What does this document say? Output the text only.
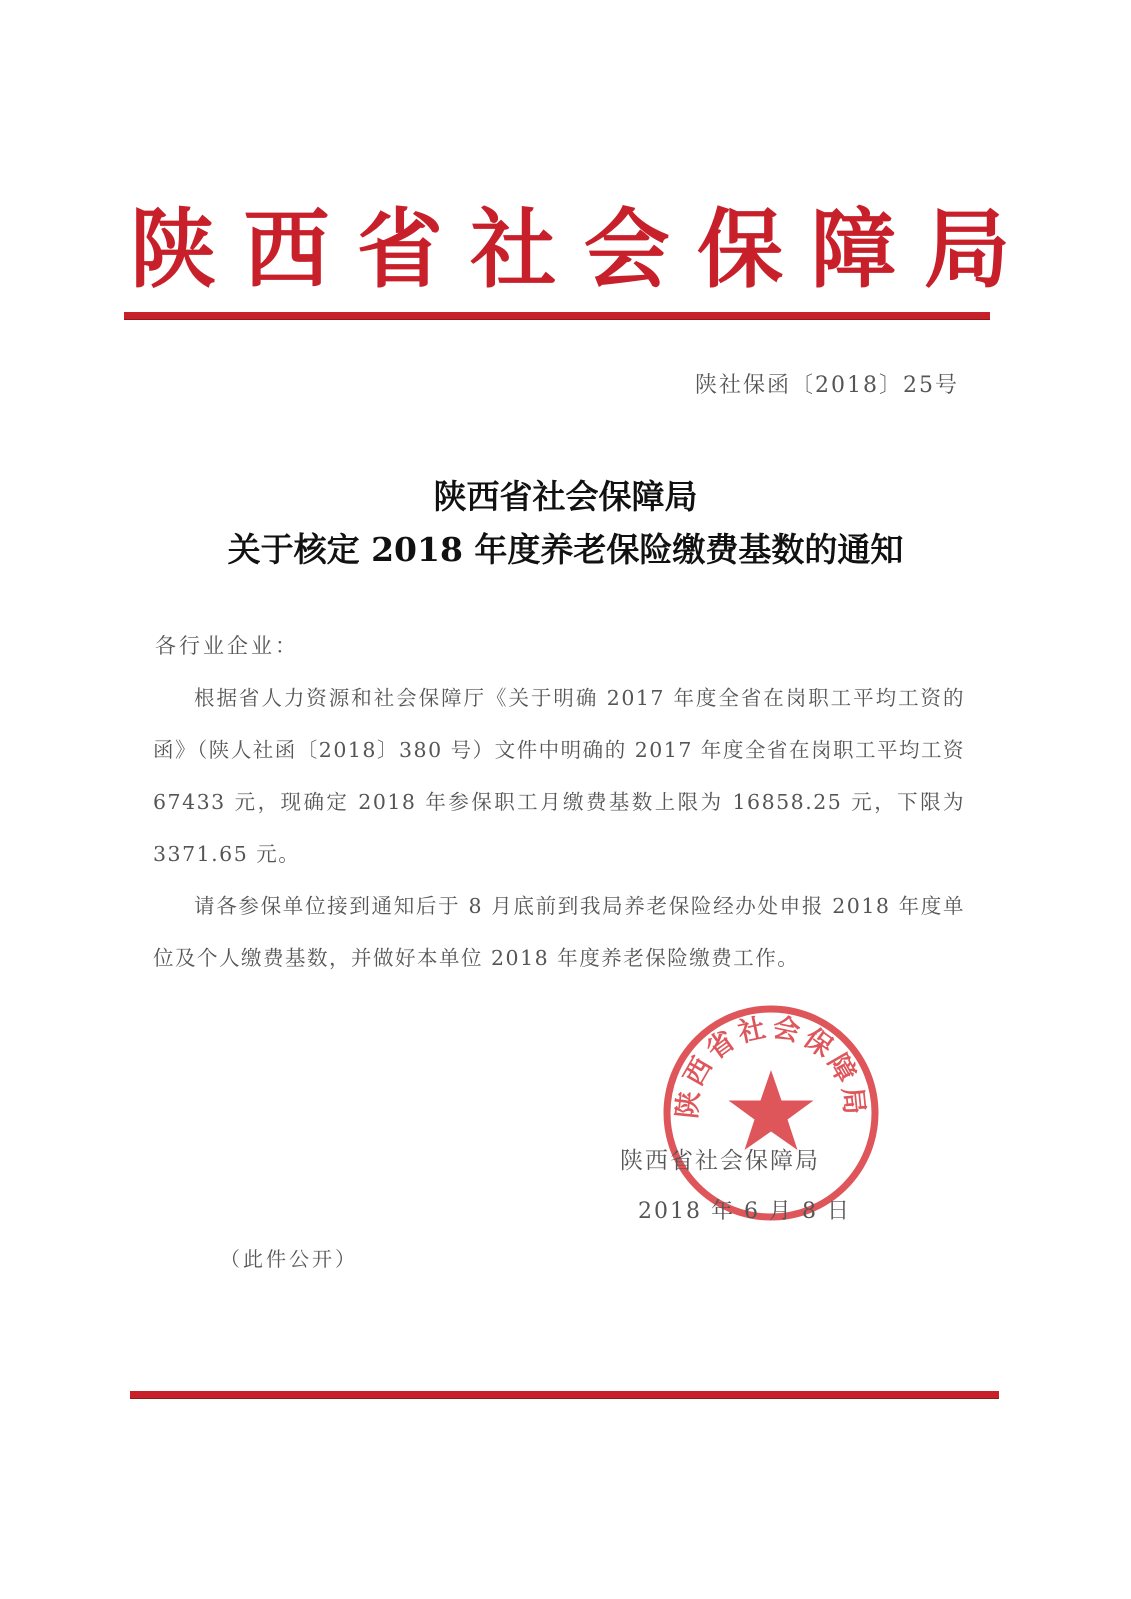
陕 西 省 社 会 保 障 局
陕社保函〔2018〕25号
陕西省社会保障局
关于核定 2018 年度养老保险缴费基数的通知
各行业企业：
根据省人力资源和社会保障厅《关于明确 2017 年度全省在岗职工平均工资的函》（陕人社函〔2018〕380 号）文件中明确的 2017 年度全省在岗职工平均工资 67433 元，现确定 2018 年参保职工月缴费基数上限为 16858.25 元，下限为 3371.65 元。
请各参保单位接到通知后于 8 月底前到我局养老保险经办处申报 2018 年度单位及个人缴费基数，并做好本单位 2018 年度养老保险缴费工作。
陕西省社会保障局
陕西省社会保障局
2018 年 6 月 8 日
（此件公开）
